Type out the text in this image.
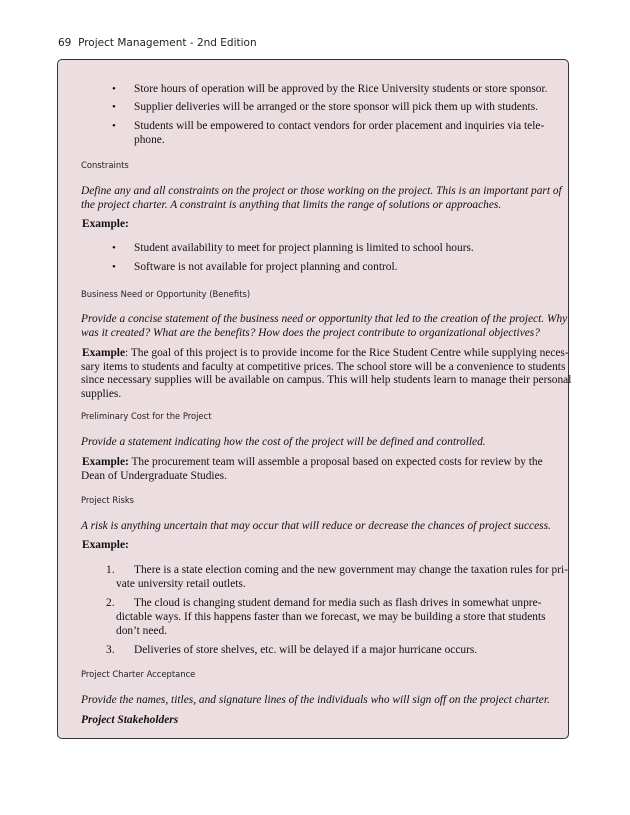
69 Project Management - 2nd Edition
•	Store hours of operation will be approved by the Rice University students or store sponsor.
•	Supplier deliveries will be arranged or the store sponsor will pick them up with students.
•	Students will be empowered to contact vendors for order placement and inquiries via tele-
phone.
Constraints
Define any and all constraints on the project or those working on the project. This is an important part of
the project charter. A constraint is anything that limits the range of solutions or approaches.
Example:
•	Student availability to meet for project planning is limited to school hours.
•	Software is not available for project planning and control.
Business Need or Opportunity (Benefits)
Provide a concise statement of the business need or opportunity that led to the creation of the project. Why
was it created? What are the benefits? How does the project contribute to organizational objectives?
Example: The goal of this project is to provide income for the Rice Student Centre while supplying neces-
sary items to students and faculty at competitive prices. The school store will be a convenience to students
since necessary supplies will be available on campus. This will help students learn to manage their personal
supplies.
Preliminary Cost for the Project
Provide a statement indicating how the cost of the project will be defined and controlled.
Example: The procurement team will assemble a proposal based on expected costs for review by the
Dean of Undergraduate Studies.
Project Risks
A risk is anything uncertain that may occur that will reduce or decrease the chances of project success.
Example:
1.	There is a state election coming and the new government may change the taxation rules for pri-
vate university retail outlets.
2.	The cloud is changing student demand for media such as flash drives in somewhat unpre-
dictable ways. If this happens faster than we forecast, we may be building a store that students
don’t need.
3.	Deliveries of store shelves, etc. will be delayed if a major hurricane occurs.
Project Charter Acceptance
Provide the names, titles, and signature lines of the individuals who will sign off on the project charter.
Project Stakeholders
